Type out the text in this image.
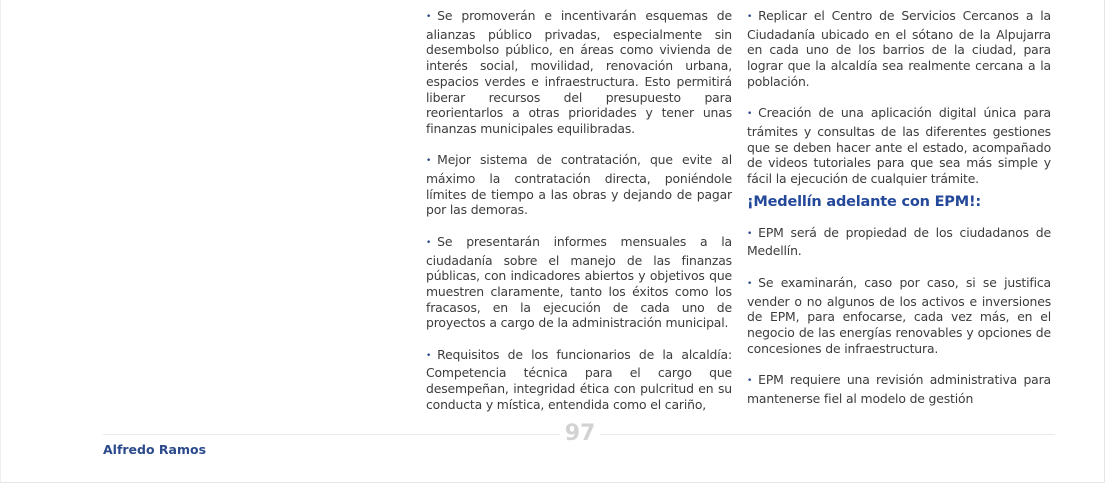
• Se promoverán e incentivarán esquemas de alianzas público privadas, especialmente sin desembolso público, en áreas como vivienda de interés social, movilidad, renovación urbana, espacios verdes e infraestructura. Esto permitirá liberar recursos del presupuesto para reorientarlos a otras prioridades y tener unas finanzas municipales equilibradas.

• Mejor sistema de contratación, que evite al máximo la contratación directa, poniéndole límites de tiempo a las obras y dejando de pagar por las demoras.

• Se presentarán informes mensuales a la ciudadanía sobre el manejo de las finanzas públicas, con indicadores abiertos y objetivos que muestren claramente, tanto los éxitos como los fracasos, en la ejecución de cada uno de proyectos a cargo de la administración municipal.

• Requisitos de los funcionarios de la alcaldía: Competencia técnica para el cargo que desempeñan, integridad ética con pulcritud en su conducta y mística, entendida como el cariño,

• Replicar el Centro de Servicios Cercanos a la Ciudadanía ubicado en el sótano de la Alpujarra en cada uno de los barrios de la ciudad, para lograr que la alcaldía sea realmente cercana a la población.

• Creación de una aplicación digital única para trámites y consultas de las diferentes gestiones que se deben hacer ante el estado, acompañado de videos tutoriales para que sea más simple y fácil la ejecución de cualquier trámite.

¡Medellín adelante con EPM!:

• EPM será de propiedad de los ciudadanos de Medellín.

• Se examinarán, caso por caso, si se justifica vender o no algunos de los activos e inversiones de EPM, para enfocarse, cada vez más, en el negocio de las energías renovables y opciones de concesiones de infraestructura.

• EPM requiere una revisión administrativa para mantenerse fiel al modelo de gestión

97
Alfredo Ramos
